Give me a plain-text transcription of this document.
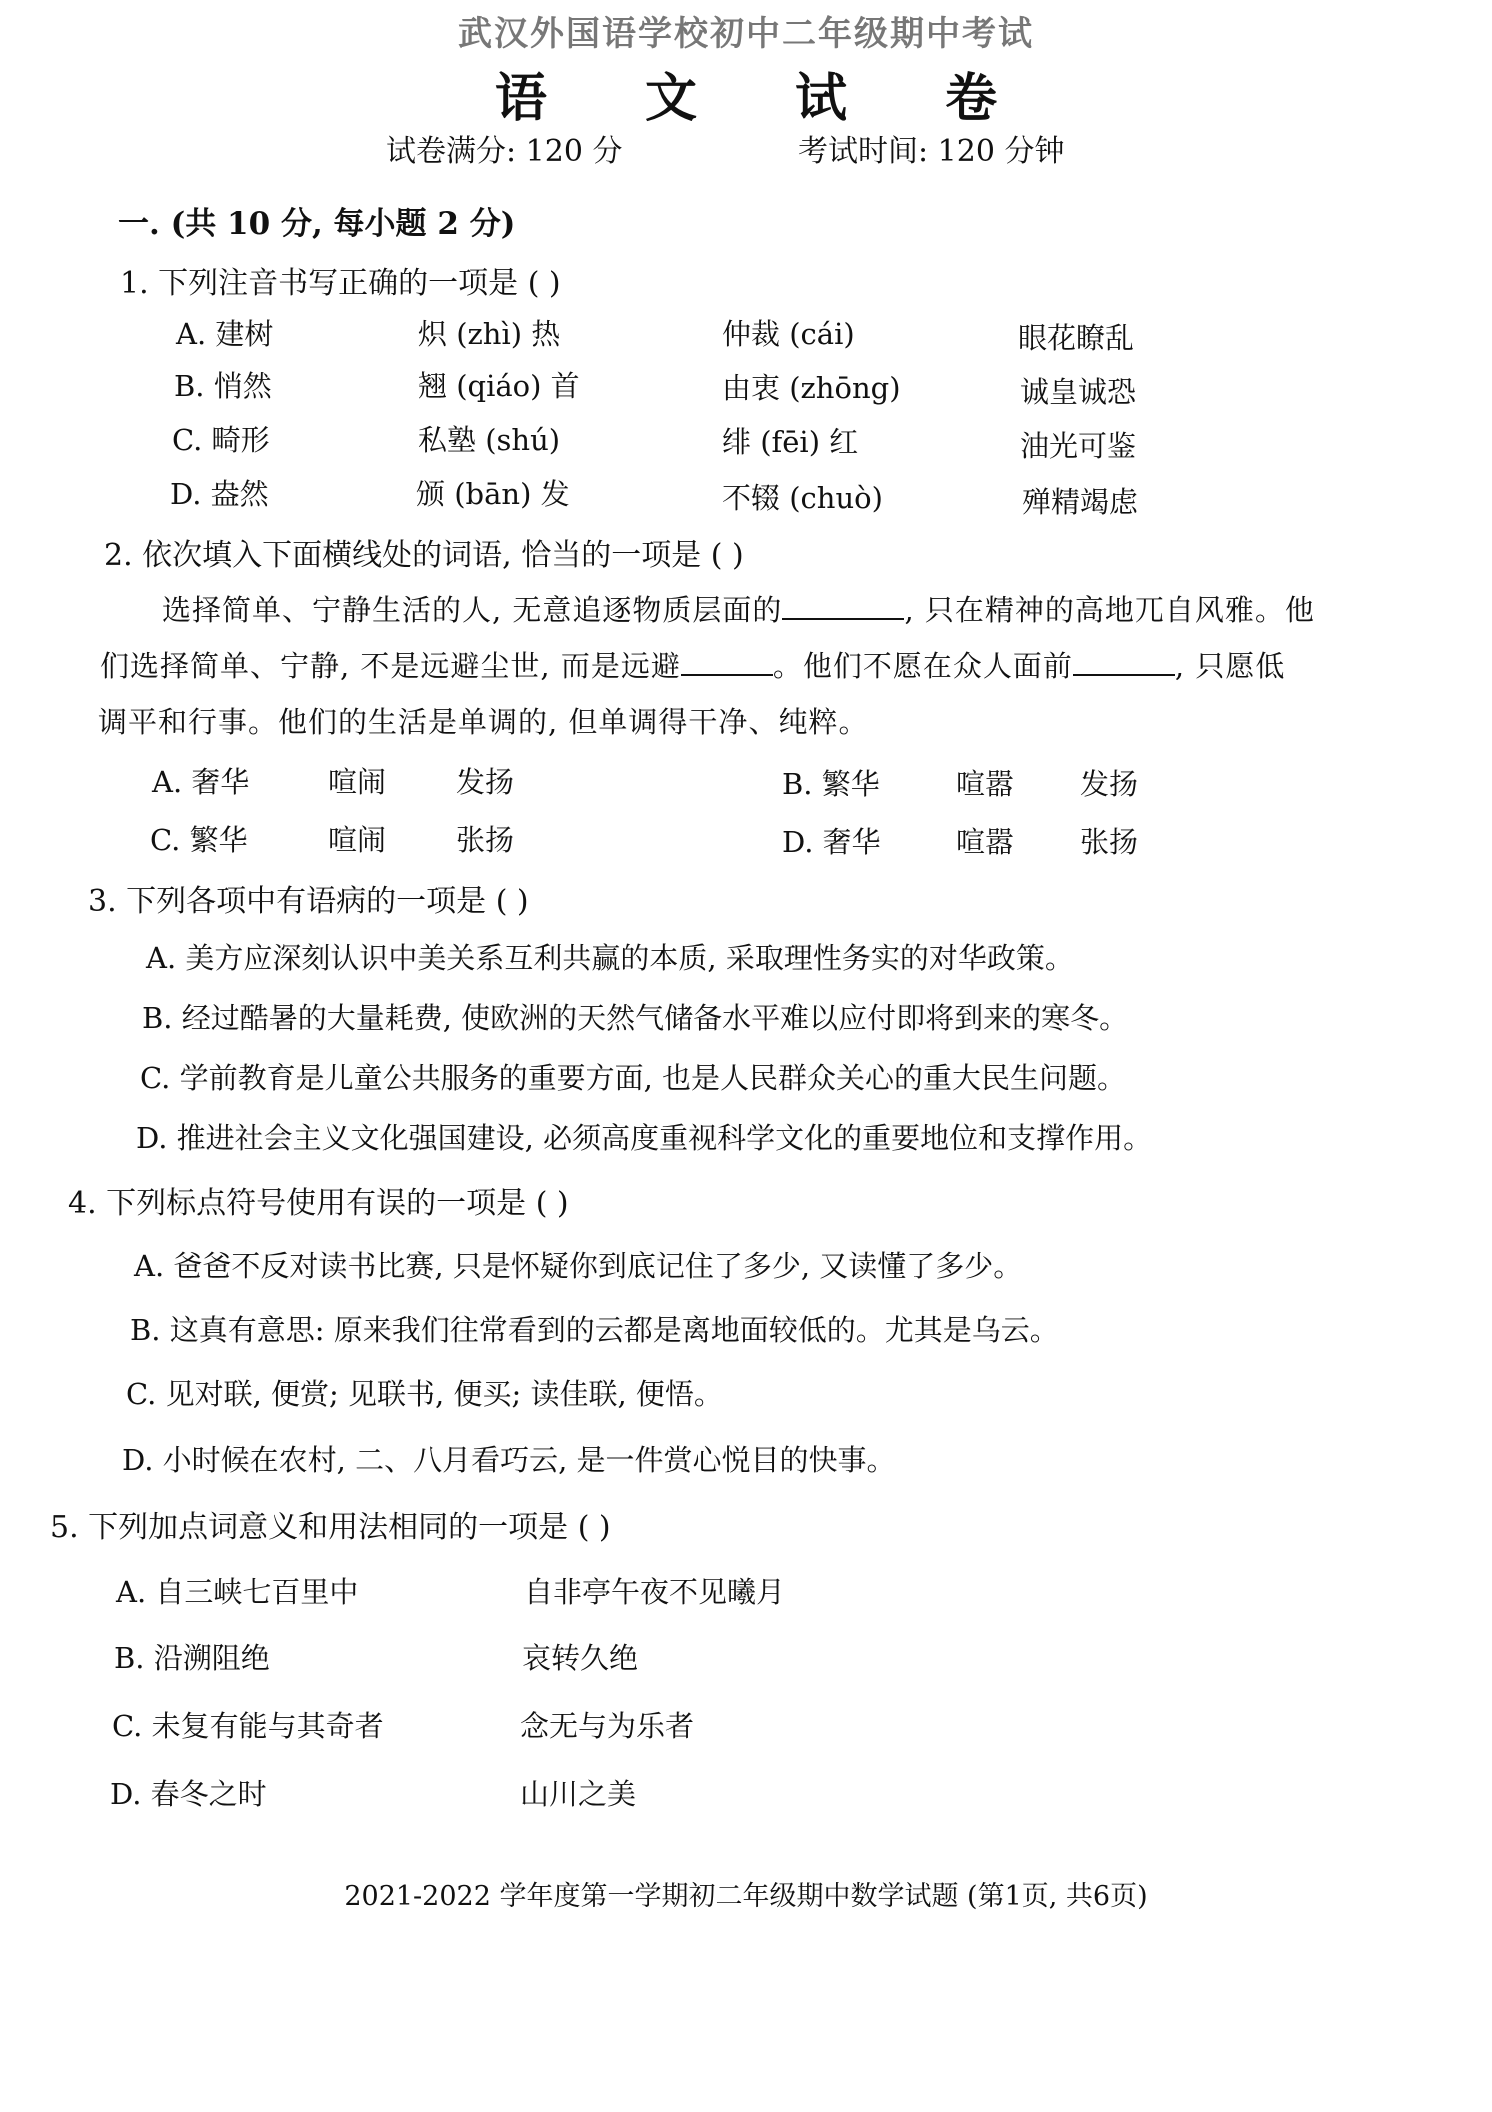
武汉外国语学校初中二年级期中考试
语 文 试 卷
试卷满分: 120 分	考试时间: 120 分钟
一. (共 10 分, 每小题 2 分)
1. 下列注音书写正确的一项是 ( )
A. 建树	炽 (zhì) 热	仲裁 (cái)	眼花瞭乱
B. 悄然	翘 (qiáo) 首	由衷 (zhōng)	诚皇诚恐
C. 畸形	私塾 (shú)	绯 (fēi) 红	油光可鉴
D. 盎然	颁 (bān) 发	不辍 (chuò)	殚精竭虑
2. 依次填入下面横线处的词语, 恰当的一项是 ( )
选择简单、宁静生活的人, 无意追逐物质层面的	, 只在精神的高地兀自风雅。他
们选择简单、宁静, 不是远避尘世, 而是远避	。他们不愿在众人面前	, 只愿低
调平和行事。他们的生活是单调的, 但单调得干净、纯粹。
A. 奢华	喧闹 发扬	B. 繁华	喧嚣 发扬
C. 繁华	喧闹 张扬	D. 奢华	喧嚣 张扬
3. 下列各项中有语病的一项是 ( )
A. 美方应深刻认识中美关系互利共赢的本质, 采取理性务实的对华政策。
B. 经过酷暑的大量耗费, 使欧洲的天然气储备水平难以应付即将到来的寒冬。
C. 学前教育是儿童公共服务的重要方面, 也是人民群众关心的重大民生问题。
D. 推进社会主义文化强国建设, 必须高度重视科学文化的重要地位和支撑作用。
4. 下列标点符号使用有误的一项是 ( )
A. 爸爸不反对读书比赛, 只是怀疑你到底记住了多少, 又读懂了多少。
B. 这真有意思: 原来我们往常看到的云都是离地面较低的。尤其是乌云。
C. 见对联, 便赏; 见联书, 便买; 读佳联, 便悟。
D. 小时候在农村, 二、八月看巧云, 是一件赏心悦目的快事。
5. 下列加点词意义和用法相同的一项是 ( )
A. 自三峡七百里中	自非亭午夜不见曦月
B. 沿溯阻绝	哀转久绝
C. 未复有能与其奇者	念无与为乐者
D. 春冬之时	山川之美
2021-2022 学年度第一学期初二年级期中数学试题 (第1页, 共6页)
